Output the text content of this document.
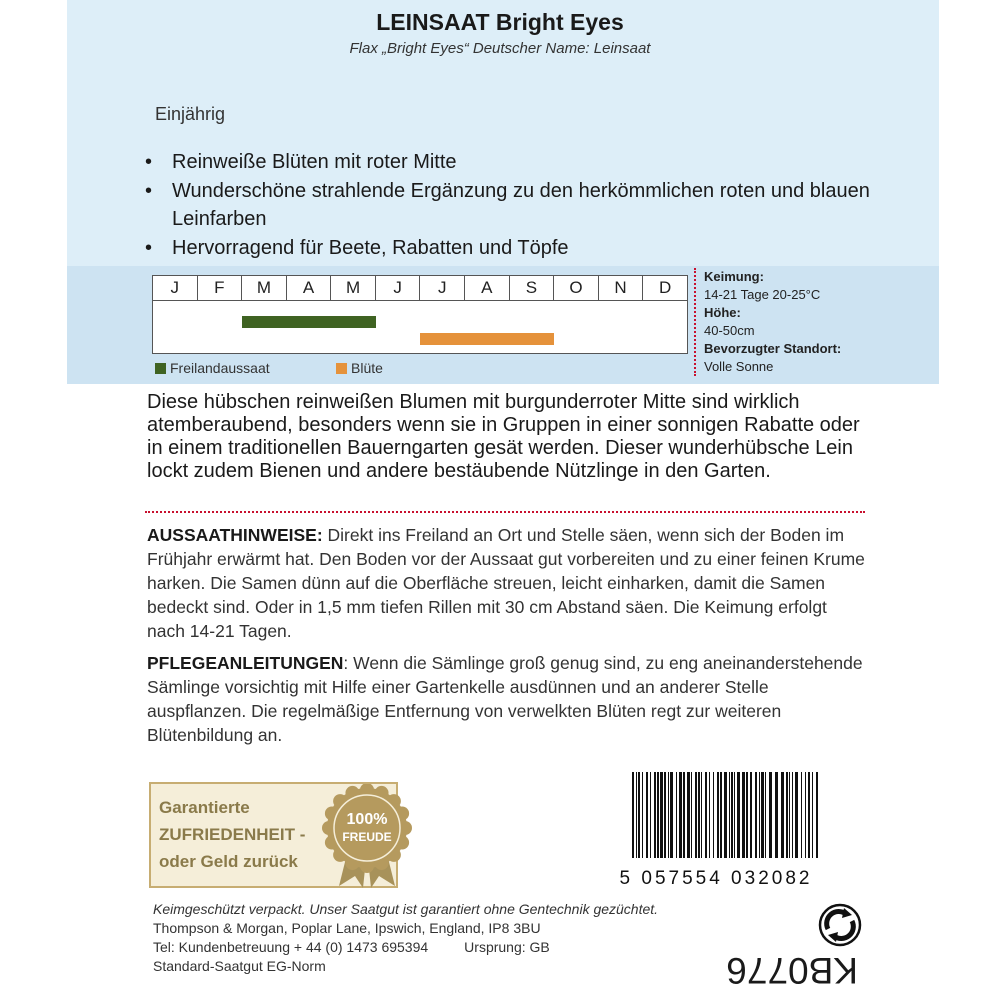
LEINSAAT Bright Eyes
Flax „Bright Eyes“ Deutscher Name: Leinsaat
Einjährig
• Reinweiße Blüten mit roter Mitte
• Wunderschöne strahlende Ergänzung zu den herkömmlichen roten und blauen Leinfarben
• Hervorragend für Beete, Rabatten und Töpfe
J	F	M	A	M	J	J	A	S	O	N	D
Freilandaussaat	Blüte
Keimung:
14-21 Tage 20-25°C
Höhe:
40-50cm
Bevorzugter Standort:
Volle Sonne

Diese hübschen reinweißen Blumen mit burgunderroter Mitte sind wirklich atemberaubend, besonders wenn sie in Gruppen in einer sonnigen Rabatte oder in einem traditionellen Bauerngarten gesät werden. Dieser wunderhübsche Lein lockt zudem Bienen und andere bestäubende Nützlinge in den Garten.

AUSSAATHINWEISE: Direkt ins Freiland an Ort und Stelle säen, wenn sich der Boden im Frühjahr erwärmt hat. Den Boden vor der Aussaat gut vorbereiten und zu einer feinen Krume harken. Die Samen dünn auf die Oberfläche streuen, leicht einharken, damit die Samen bedeckt sind. Oder in 1,5 mm tiefen Rillen mit 30 cm Abstand säen. Die Keimung erfolgt nach 14-21 Tagen.

PFLEGEANLEITUNGEN: Wenn die Sämlinge groß genug sind, zu eng aneinanderstehende Sämlinge vorsichtig mit Hilfe einer Gartenkelle ausdünnen und an anderer Stelle auspflanzen. Die regelmäßige Entfernung von verwelkten Blüten regt zur weiteren Blütenbildung an.

Garantierte
ZUFRIEDENHEIT -
oder Geld zurück
100%
FREUDE
5 057554 032082
Keimgeschützt verpackt. Unser Saatgut ist garantiert ohne Gentechnik gezüchtet.
Thompson & Morgan, Poplar Lane, Ipswich, England, IP8 3BU
Tel: Kundenbetreuung + 44 (0) 1473 695394	Ursprung: GB
Standard-Saatgut EG-Norm	KB0776
